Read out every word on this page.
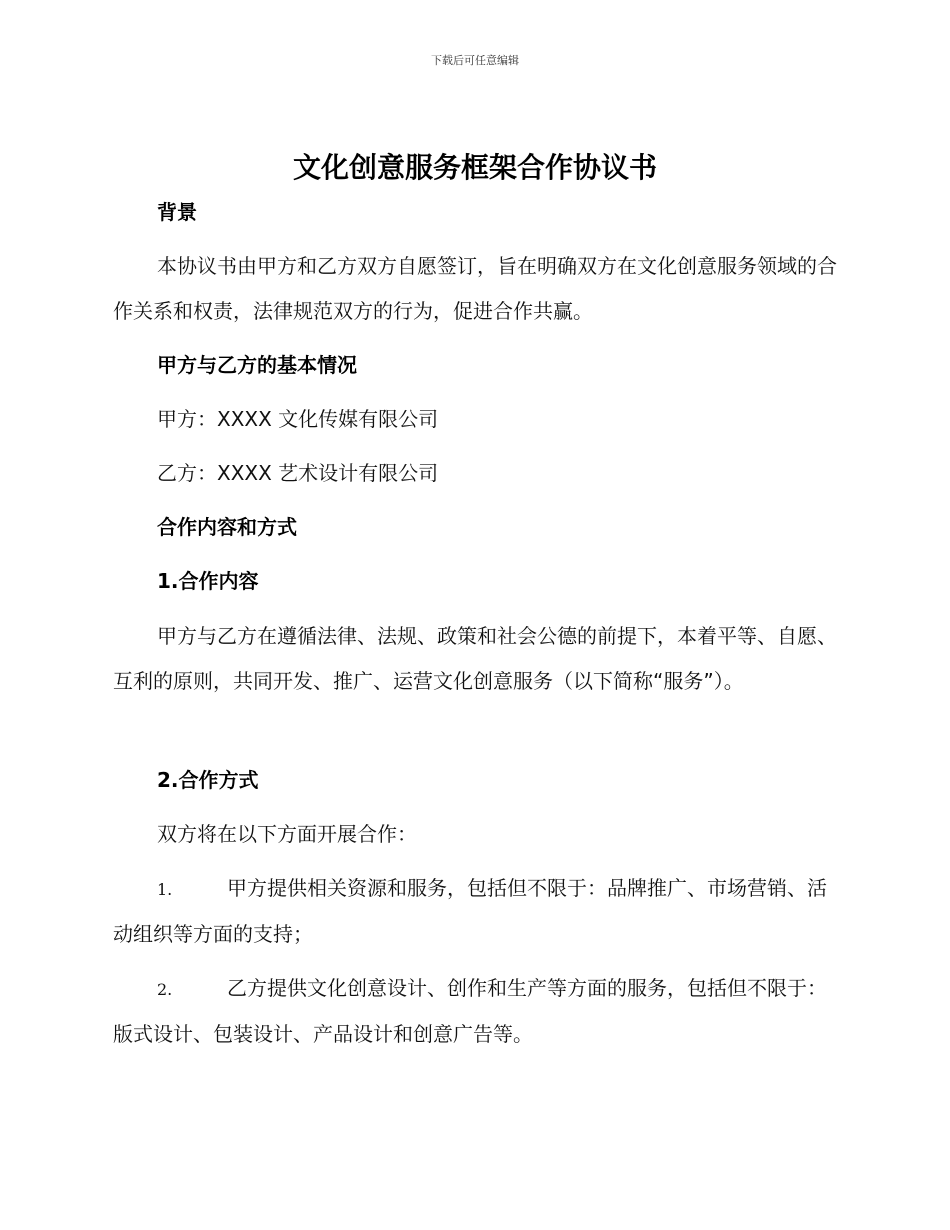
下载后可任意编辑
文化创意服务框架合作协议书
背景
本协议书由甲方和乙方双方自愿签订，旨在明确双方在文化创意服务领域的合作关系和权责，法律规范双方的行为，促进合作共赢。
甲方与乙方的基本情况
甲方：XXXX 文化传媒有限公司
乙方：XXXX 艺术设计有限公司
合作内容和方式
1.合作内容
甲方与乙方在遵循法律、法规、政策和社会公德的前提下，本着平等、自愿、互利的原则，共同开发、推广、运营文化创意服务（以下简称“服务”）。
2.合作方式
双方将在以下方面开展合作：
1.	甲方提供相关资源和服务，包括但不限于：品牌推广、市场营销、活动组织等方面的支持；
2.	乙方提供文化创意设计、创作和生产等方面的服务，包括但不限于：版式设计、包装设计、产品设计和创意广告等。
